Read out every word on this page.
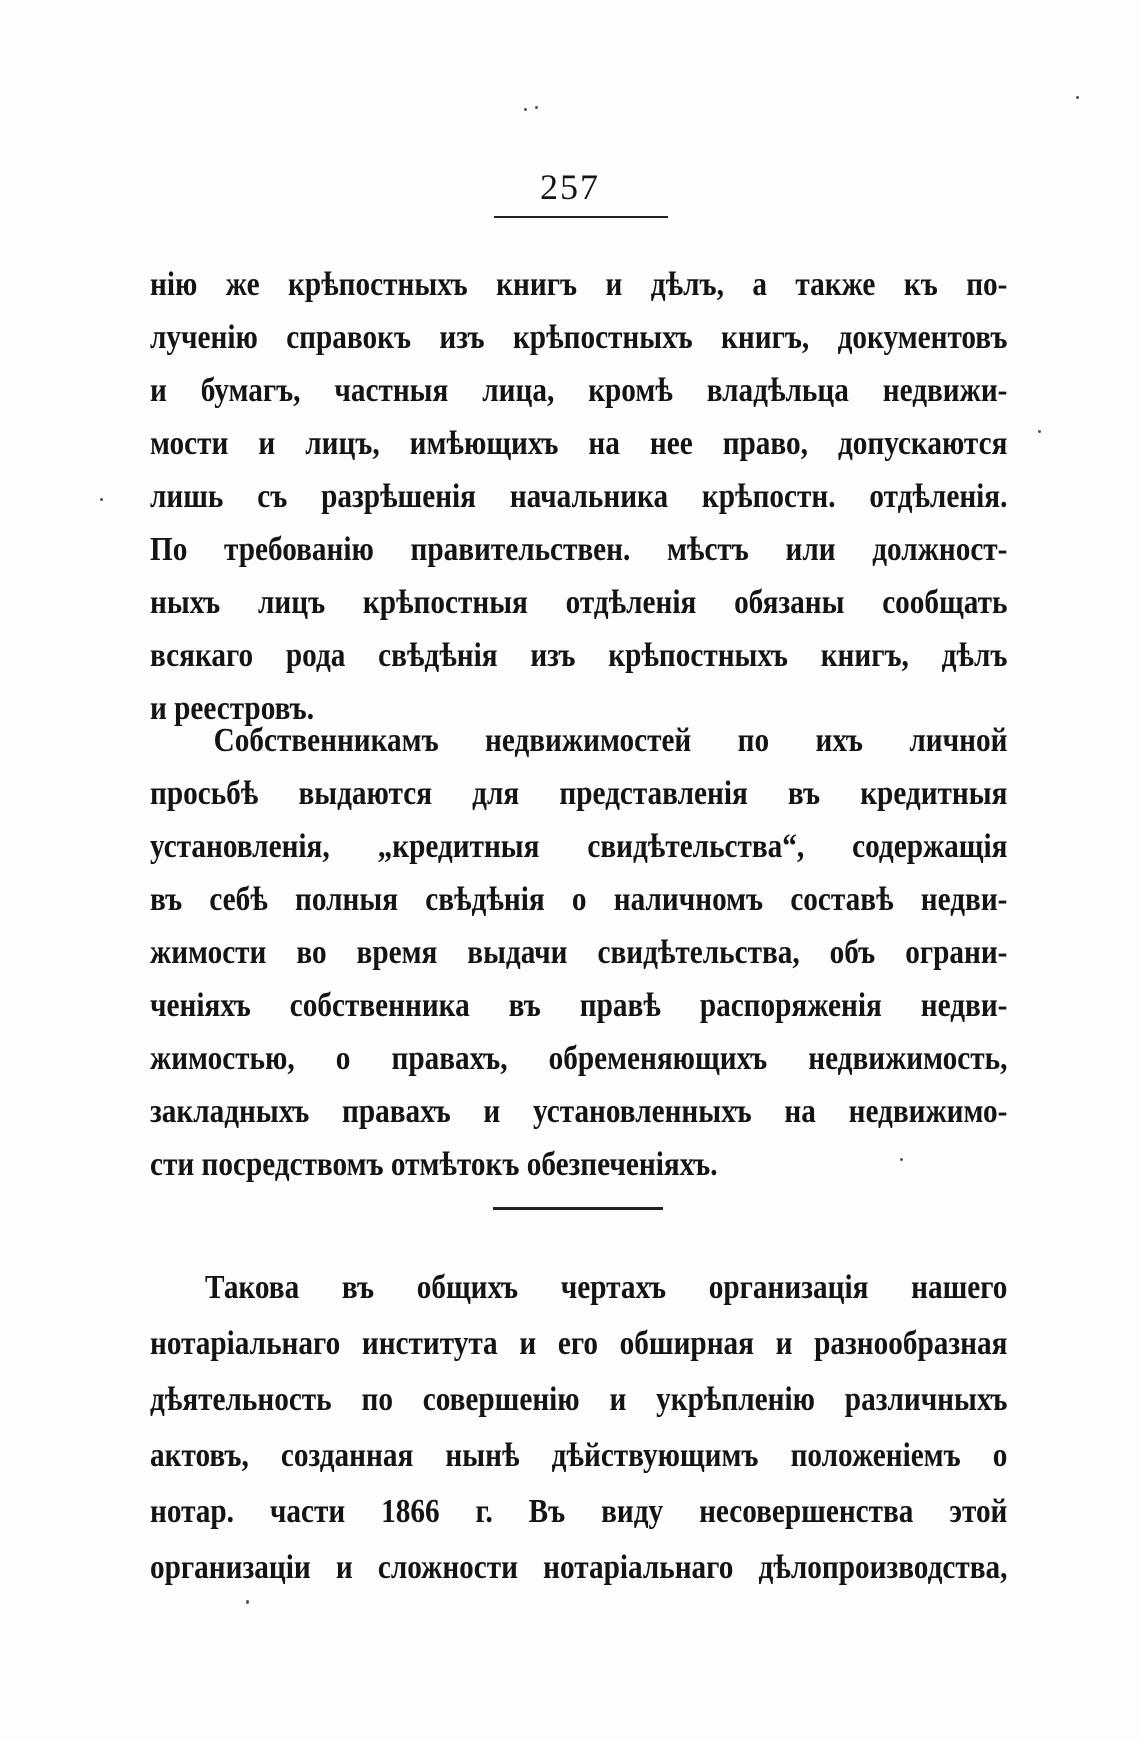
257
нію же крѣпостныхъ книгъ и дѣлъ, а также къ по-
лученію справокъ изъ крѣпостныхъ книгъ, документовъ
и бумагъ, частныя лица, кромѣ владѣльца недвижи-
мости и лицъ, имѣющихъ на нее право, допускаются
лишь съ разрѣшенія начальника крѣпостн. отдѣленія.
По требованію правительствен. мѣстъ или должност-
ныхъ лицъ крѣпостныя отдѣленія обязаны сообщать
всякаго рода свѣдѣнія изъ крѣпостныхъ книгъ, дѣлъ
и реестровъ.
Собственникамъ недвижимостей по ихъ личной
просьбѣ выдаются для представленія въ кредитныя
установленія, „кредитныя свидѣтельства“, содержащія
въ себѣ полныя свѣдѣнія о наличномъ составѣ недви-
жимости во время выдачи свидѣтельства, объ ограни-
ченіяхъ собственника въ правѣ распоряженія недви-
жимостью, о правахъ, обременяющихъ недвижимость,
закладныхъ правахъ и установленныхъ на недвижимо-
сти посредствомъ отмѣтокъ обезпеченіяхъ.
Такова въ общихъ чертахъ организація нашего
нотаріальнаго института и его обширная и разнообразная
дѣятельность по совершенію и укрѣпленію различныхъ
актовъ, созданная нынѣ дѣйствующимъ положеніемъ о
нотар. части 1866 г. Въ виду несовершенства этой
организаціи и сложности нотаріальнаго дѣлопроизводства,
